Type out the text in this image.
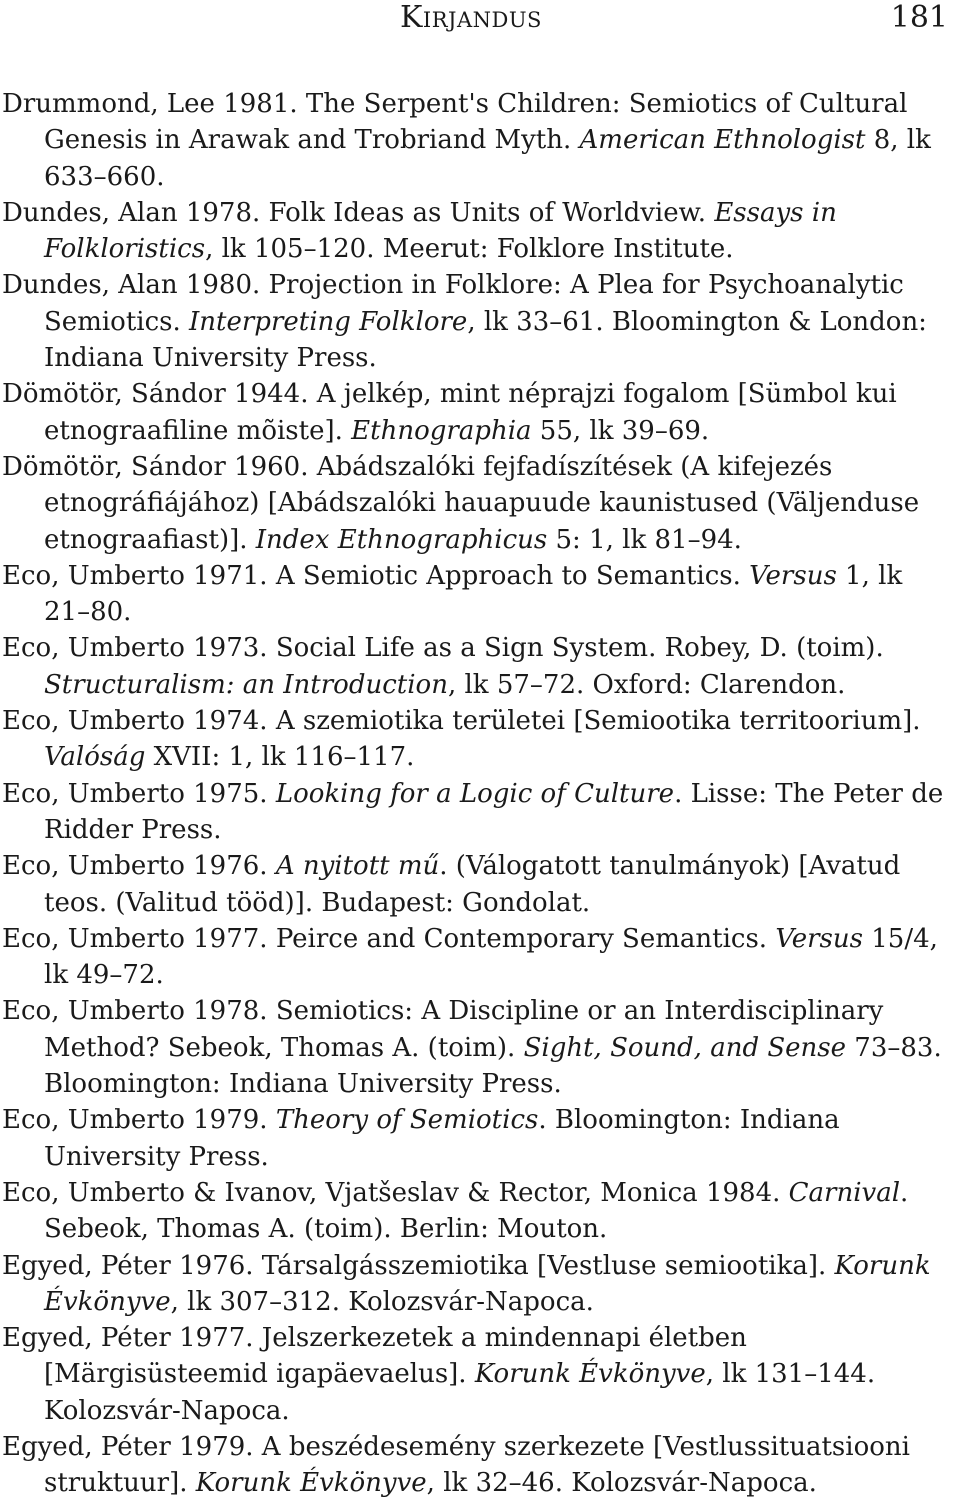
Kirjandus	181
Drummond, Lee 1981. The Serpent's Children: Semiotics of Cultural Genesis in Arawak and Trobriand Myth. American Ethnologist 8, lk 633–660.
Dundes, Alan 1978. Folk Ideas as Units of Worldview. Essays in Folkloristics, lk 105–120. Meerut: Folklore Institute.
Dundes, Alan 1980. Projection in Folklore: A Plea for Psychoanalytic Semiotics. Interpreting Folklore, lk 33–61. Bloomington & London: Indiana University Press.
Dömötör, Sándor 1944. A jelkép, mint néprajzi fogalom [Sümbol kui etnograafiline mõiste]. Ethnographia 55, lk 39–69.
Dömötör, Sándor 1960. Abádszalóki fejfadíszítések (A kifejezés etnográfiájához) [Abádszalóki hauapuude kaunistused (Väljenduse etnograafiast)]. Index Ethnographicus 5: 1, lk 81–94.
Eco, Umberto 1971. A Semiotic Approach to Semantics. Versus 1, lk 21–80.
Eco, Umberto 1973. Social Life as a Sign System. Robey, D. (toim). Structuralism: an Introduction, lk 57–72. Oxford: Clarendon.
Eco, Umberto 1974. A szemiotika területei [Semiootika territoorium]. Valóság XVII: 1, lk 116–117.
Eco, Umberto 1975. Looking for a Logic of Culture. Lisse: The Peter de Ridder Press.
Eco, Umberto 1976. A nyitott mű. (Válogatott tanulmányok) [Avatud teos. (Valitud tööd)]. Budapest: Gondolat.
Eco, Umberto 1977. Peirce and Contemporary Semantics. Versus 15/4, lk 49–72.
Eco, Umberto 1978. Semiotics: A Discipline or an Interdisciplinary Method? Sebeok, Thomas A. (toim). Sight, Sound, and Sense 73–83. Bloomington: Indiana University Press.
Eco, Umberto 1979. Theory of Semiotics. Bloomington: Indiana University Press.
Eco, Umberto & Ivanov, Vjatšeslav & Rector, Monica 1984. Carnival. Sebeok, Thomas A. (toim). Berlin: Mouton.
Egyed, Péter 1976. Társalgásszemiotika [Vestluse semiootika]. Korunk Évkönyve, lk 307–312. Kolozsvár-Napoca.
Egyed, Péter 1977. Jelszerkezetek a mindennapi életben [Märgisüsteemid igapäevaelus]. Korunk Évkönyve, lk 131–144. Kolozsvár-Napoca.
Egyed, Péter 1979. A beszédesemény szerkezete [Vestlussituatsiooni struktuur]. Korunk Évkönyve, lk 32–46. Kolozsvár-Napoca.
